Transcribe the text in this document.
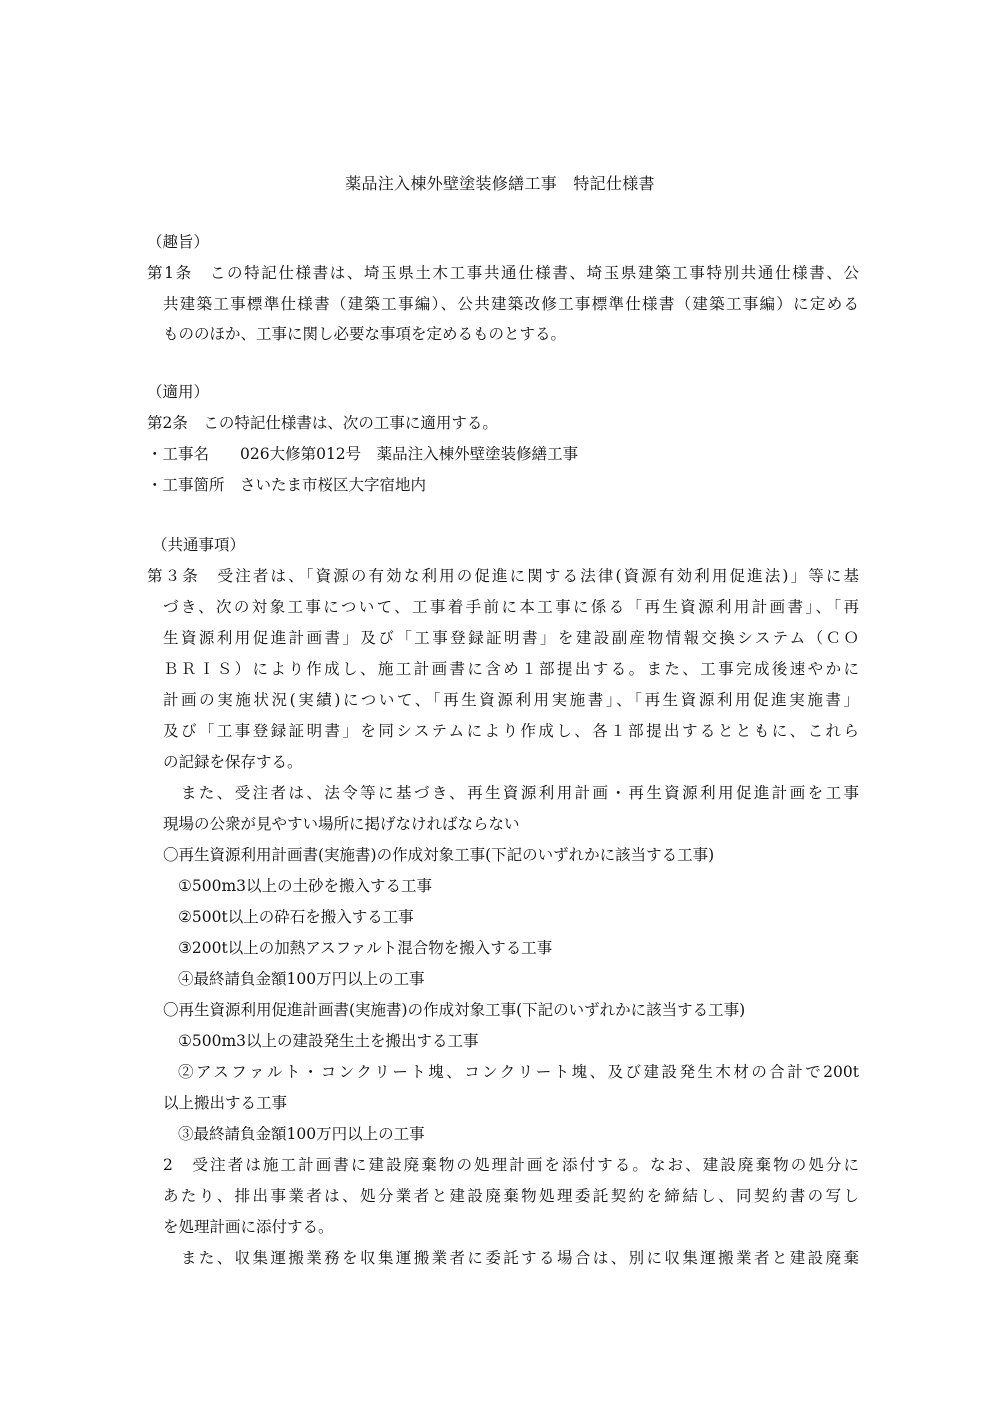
薬品注入棟外壁塗装修繕工事　特記仕様書
（趣旨）
第1条　この特記仕様書は、埼玉県土木工事共通仕様書、埼玉県建築工事特別共通仕様書、公
共建築工事標準仕様書（建築工事編）、公共建築改修工事標準仕様書（建築工事編）に定める
もののほか、工事に関し必要な事項を定めるものとする。
（適用）
第2条　この特記仕様書は、次の工事に適用する。
・工事名　　026大修第012号　薬品注入棟外壁塗装修繕工事
・工事箇所　さいたま市桜区大字宿地内
（共通事項）
第３条　受注者は、「資源の有効な利用の促進に関する法律(資源有効利用促進法)」等に基
づき、次の対象工事について、工事着手前に本工事に係る「再生資源利用計画書」、「再
生資源利用促進計画書」及び「工事登録証明書」を建設副産物情報交換システム（ＣＯ
ＢＲＩＳ）により作成し、施工計画書に含め１部提出する。また、工事完成後速やかに
計画の実施状況(実績)について、「再生資源利用実施書」、「再生資源利用促進実施書」
及び「工事登録証明書」を同システムにより作成し、各１部提出するとともに、これら
の記録を保存する。
　また、受注者は、法令等に基づき、再生資源利用計画・再生資源利用促進計画を工事
現場の公衆が見やすい場所に掲げなければならない
〇再生資源利用計画書(実施書)の作成対象工事(下記のいずれかに該当する工事)
①500m3以上の土砂を搬入する工事
②500t以上の砕石を搬入する工事
③200t以上の加熱アスファルト混合物を搬入する工事
④最終請負金額100万円以上の工事
〇再生資源利用促進計画書(実施書)の作成対象工事(下記のいずれかに該当する工事)
①500m3以上の建設発生土を搬出する工事
②アスファルト・コンクリート塊、コンクリート塊、及び建設発生木材の合計で200t
以上搬出する工事
③最終請負金額100万円以上の工事
2　受注者は施工計画書に建設廃棄物の処理計画を添付する。なお、建設廃棄物の処分に
あたり、排出事業者は、処分業者と建設廃棄物処理委託契約を締結し、同契約書の写し
を処理計画に添付する。
　また、収集運搬業務を収集運搬業者に委託する場合は、別に収集運搬業者と建設廃棄
